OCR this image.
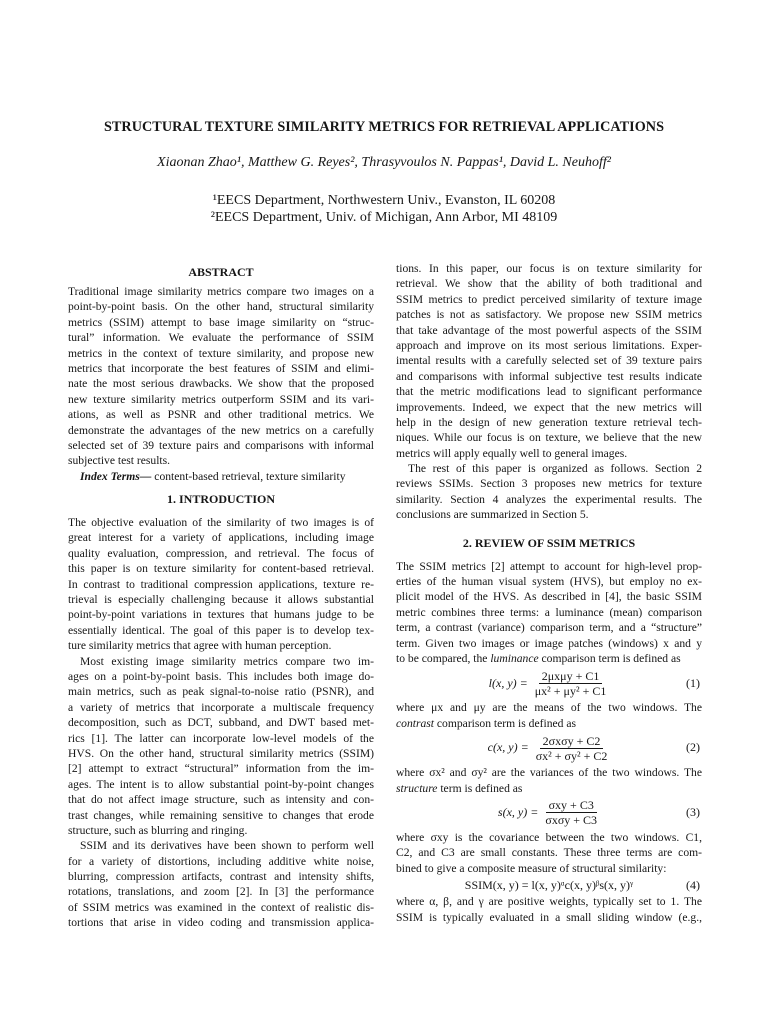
STRUCTURAL TEXTURE SIMILARITY METRICS FOR RETRIEVAL APPLICATIONS
Xiaonan Zhao¹, Matthew G. Reyes², Thrasyvoulos N. Pappas¹, David L. Neuhoff²
¹EECS Department, Northwestern Univ., Evanston, IL 60208
²EECS Department, Univ. of Michigan, Ann Arbor, MI 48109
ABSTRACT
Traditional image similarity metrics compare two images on a
point-by-point basis. On the other hand, structural similarity
metrics (SSIM) attempt to base image similarity on “struc-
tural” information. We evaluate the performance of SSIM
metrics in the context of texture similarity, and propose new
metrics that incorporate the best features of SSIM and elimi-
nate the most serious drawbacks. We show that the proposed
new texture similarity metrics outperform SSIM and its vari-
ations, as well as PSNR and other traditional metrics. We
demonstrate the advantages of the new metrics on a carefully
selected set of 39 texture pairs and comparisons with informal
subjective test results.
Index Terms— content-based retrieval, texture similarity
1. INTRODUCTION
The objective evaluation of the similarity of two images is of
great interest for a variety of applications, including image
quality evaluation, compression, and retrieval. The focus of
this paper is on texture similarity for content-based retrieval.
In contrast to traditional compression applications, texture re-
trieval is especially challenging because it allows substantial
point-by-point variations in textures that humans judge to be
essentially identical. The goal of this paper is to develop tex-
ture similarity metrics that agree with human perception.
Most existing image similarity metrics compare two im-
ages on a point-by-point basis. This includes both image do-
main metrics, such as peak signal-to-noise ratio (PSNR), and
a variety of metrics that incorporate a multiscale frequency
decomposition, such as DCT, subband, and DWT based met-
rics [1]. The latter can incorporate low-level models of the
HVS. On the other hand, structural similarity metrics (SSIM)
[2] attempt to extract “structural” information from the im-
ages. The intent is to allow substantial point-by-point changes
that do not affect image structure, such as intensity and con-
trast changes, while remaining sensitive to changes that erode
structure, such as blurring and ringing.
SSIM and its derivatives have been shown to perform well
for a variety of distortions, including additive white noise,
blurring, compression artifacts, contrast and intensity shifts,
rotations, translations, and zoom [2]. In [3] the performance
of SSIM metrics was examined in the context of realistic dis-
tortions that arise in video coding and transmission applica-
tions. In this paper, our focus is on texture similarity for
retrieval. We show that the ability of both traditional and
SSIM metrics to predict perceived similarity of texture image
patches is not as satisfactory. We propose new SSIM metrics
that take advantage of the most powerful aspects of the SSIM
approach and improve on its most serious limitations. Exper-
imental results with a carefully selected set of 39 texture pairs
and comparisons with informal subjective test results indicate
that the metric modifications lead to significant performance
improvements. Indeed, we expect that the new metrics will
help in the design of new generation texture retrieval tech-
niques. While our focus is on texture, we believe that the new
metrics will apply equally well to general images.
The rest of this paper is organized as follows. Section 2
reviews SSIMs. Section 3 proposes new metrics for texture
similarity. Section 4 analyzes the experimental results. The
conclusions are summarized in Section 5.
2. REVIEW OF SSIM METRICS
The SSIM metrics [2] attempt to account for high-level prop-
erties of the human visual system (HVS), but employ no ex-
plicit model of the HVS. As described in [4], the basic SSIM
metric combines three terms: a luminance (mean) comparison
term, a contrast (variance) comparison term, and a “structure”
term. Given two images or image patches (windows) x and y
to be compared, the luminance comparison term is defined as
l(x, $y) = \frac{\text{2μxμy + C1}}{\text{μx² + μy² + C1}}$	(1)
where μx and μy are the means of the two windows. The
contrast comparison term is defined as
c(x, $y) = \frac{\text{2σxσy + C2}}{\text{σx² + σy² + C2}}$	(2)
where σx² and σy² are the variances of the two windows. The
structure term is defined as
s(x, $y) = \frac{\text{σxy + C3}}{\text{σxσy + C3}}$	(3)
where σxy is the covariance between the two windows. C1,
C2, and C3 are small constants. These three terms are com-
bined to give a composite measure of structural similarity:
SSIM(x, y) = l(x, y)ᵅc(x, y)ᵝs(x, y)ᵞ	(4)
where α, β, and γ are positive weights, typically set to 1. The
SSIM is typically evaluated in a small sliding window (e.g.,
